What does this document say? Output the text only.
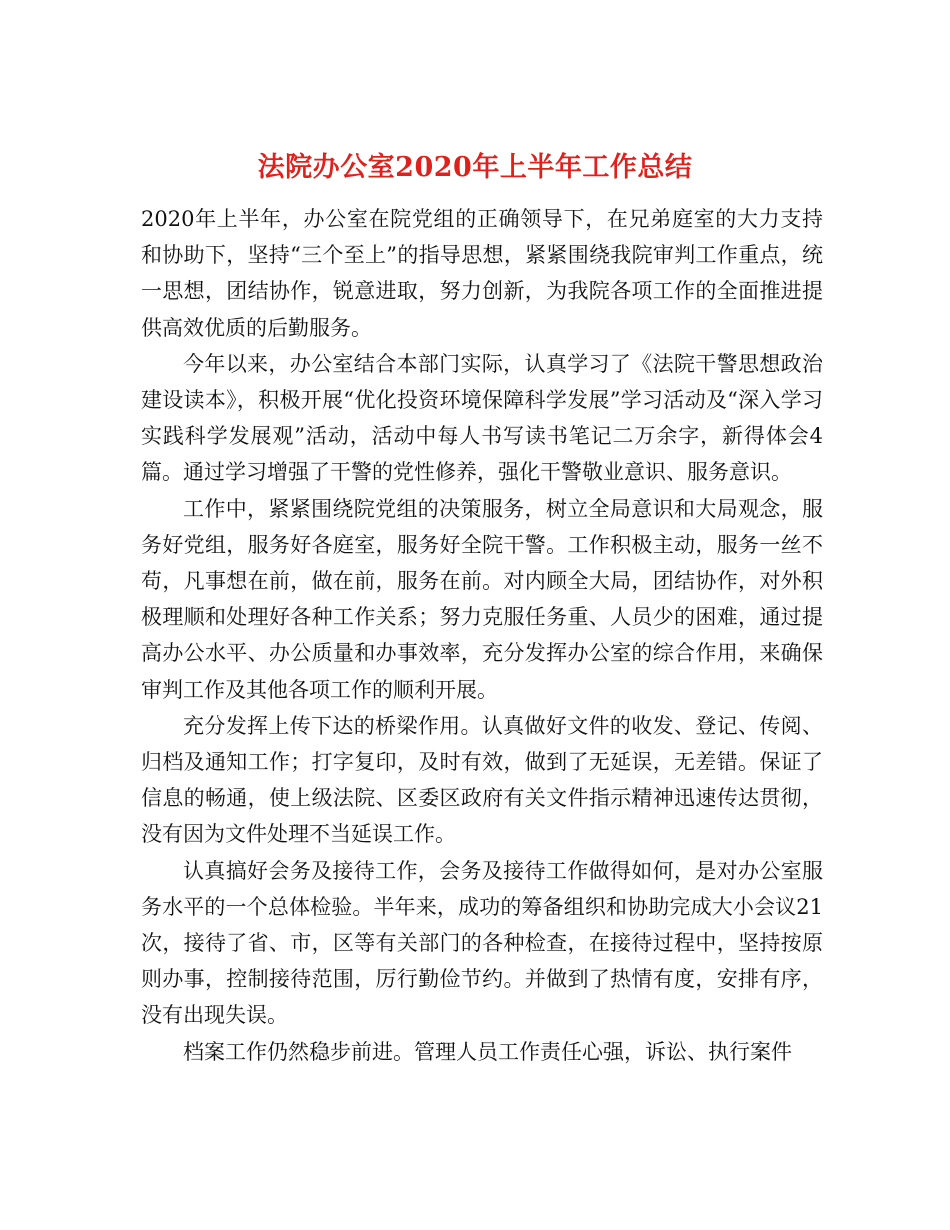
法院办公室2020年上半年工作总结

2020年上半年，办公室在院党组的正确领导下，在兄弟庭室的大力支持和协助下，坚持“三个至上”的指导思想，紧紧围绕我院审判工作重点，统一思想，团结协作，锐意进取，努力创新，为我院各项工作的全面推进提供高效优质的后勤服务。

今年以来，办公室结合本部门实际，认真学习了《法院干警思想政治建设读本》，积极开展“优化投资环境保障科学发展”学习活动及“深入学习实践科学发展观”活动，活动中每人书写读书笔记二万余字，新得体会4篇。通过学习增强了干警的党性修养，强化干警敬业意识、服务意识。

工作中，紧紧围绕院党组的决策服务，树立全局意识和大局观念，服务好党组，服务好各庭室，服务好全院干警。工作积极主动，服务一丝不苟，凡事想在前，做在前，服务在前。对内顾全大局，团结协作，对外积极理顺和处理好各种工作关系；努力克服任务重、人员少的困难，通过提高办公水平、办公质量和办事效率，充分发挥办公室的综合作用，来确保审判工作及其他各项工作的顺利开展。

充分发挥上传下达的桥梁作用。认真做好文件的收发、登记、传阅、归档及通知工作；打字复印，及时有效，做到了无延误，无差错。保证了信息的畅通，使上级法院、区委区政府有关文件指示精神迅速传达贯彻，没有因为文件处理不当延误工作。

认真搞好会务及接待工作，会务及接待工作做得如何，是对办公室服务水平的一个总体检验。半年来，成功的筹备组织和协助完成大小会议21次，接待了省、市，区等有关部门的各种检查，在接待过程中，坚持按原则办事，控制接待范围，厉行勤俭节约。并做到了热情有度，安排有序，没有出现失误。

档案工作仍然稳步前进。管理人员工作责任心强，诉讼、执行案件
